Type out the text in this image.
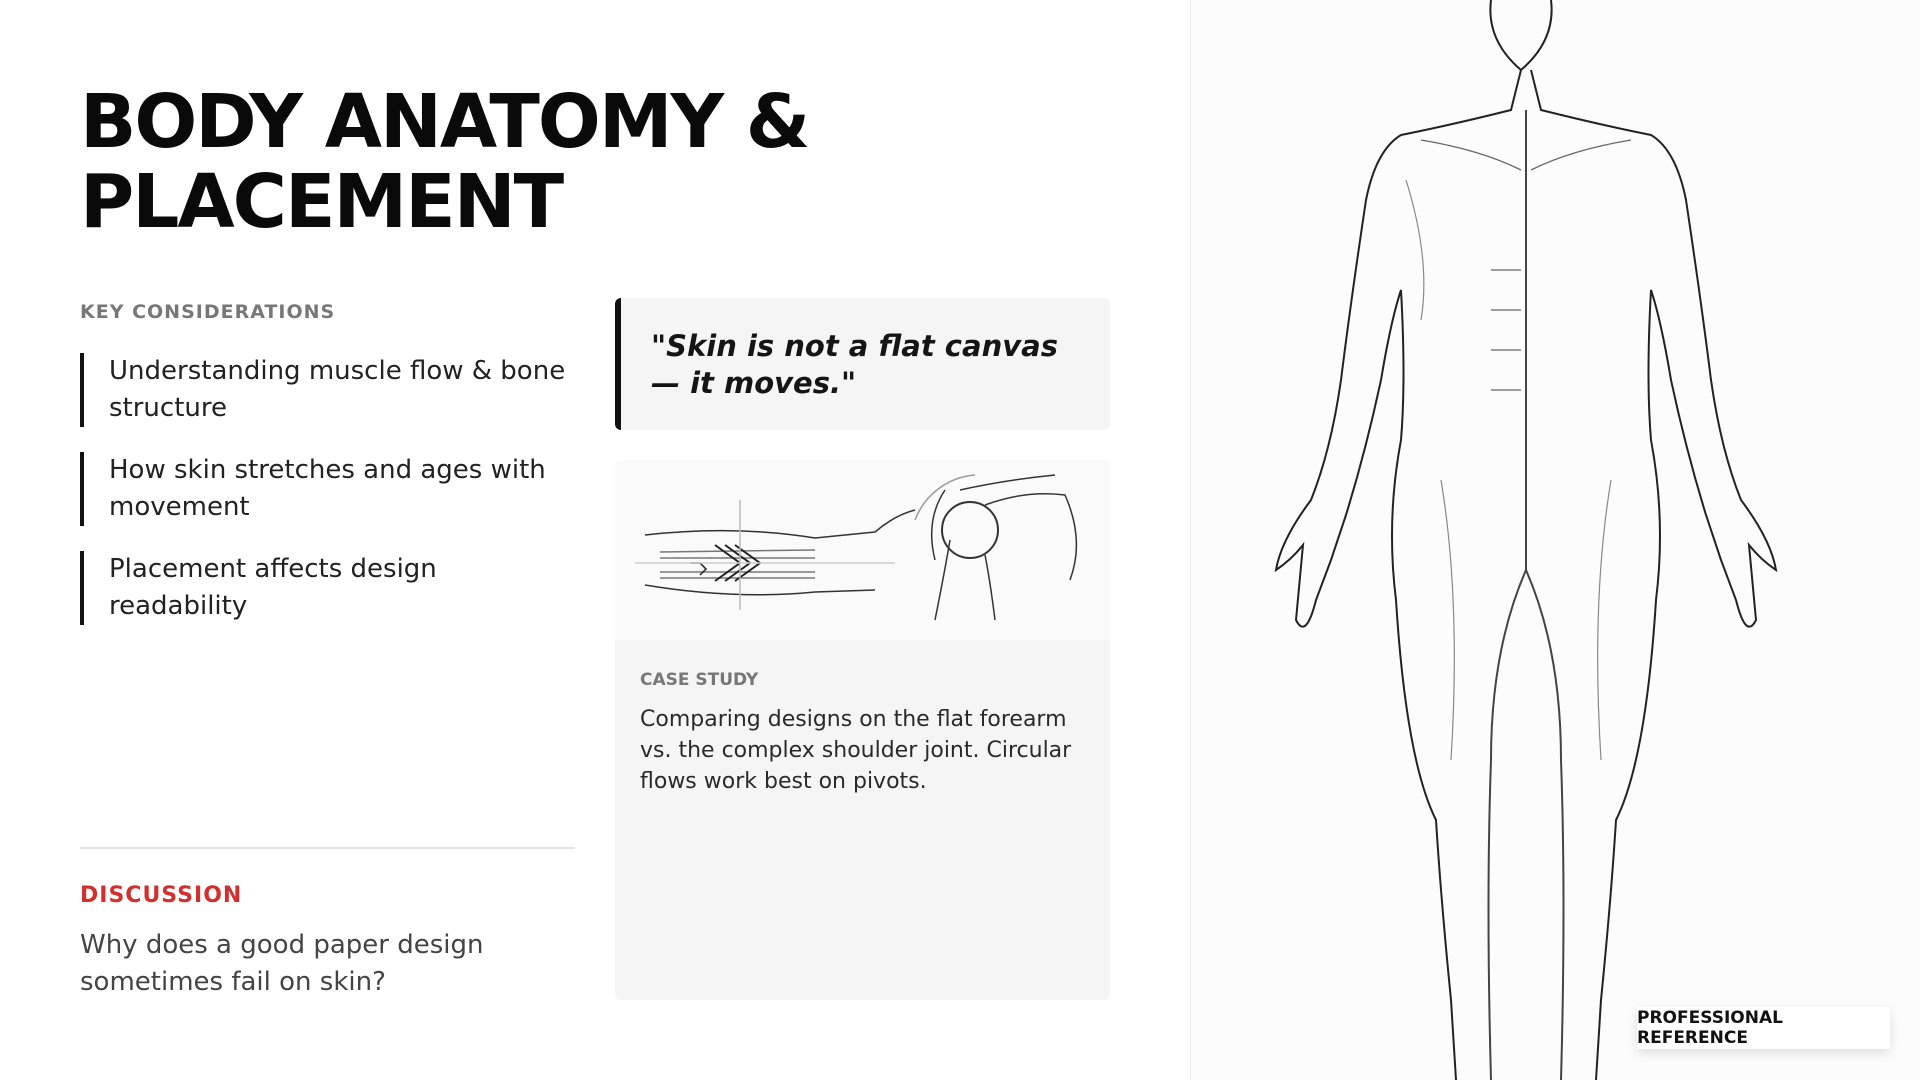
BODY ANATOMY & PLACEMENT
KEY CONSIDERATIONS
Understanding muscle flow & bone structure
How skin stretches and ages with movement
Placement affects design readability
"Skin is not a flat canvas — it moves."
CASE STUDY
Comparing designs on the flat forearm vs. the complex shoulder joint. Circular flows work best on pivots.
DISCUSSION
Why does a good paper design sometimes fail on skin?
PROFESSIONAL REFERENCE
